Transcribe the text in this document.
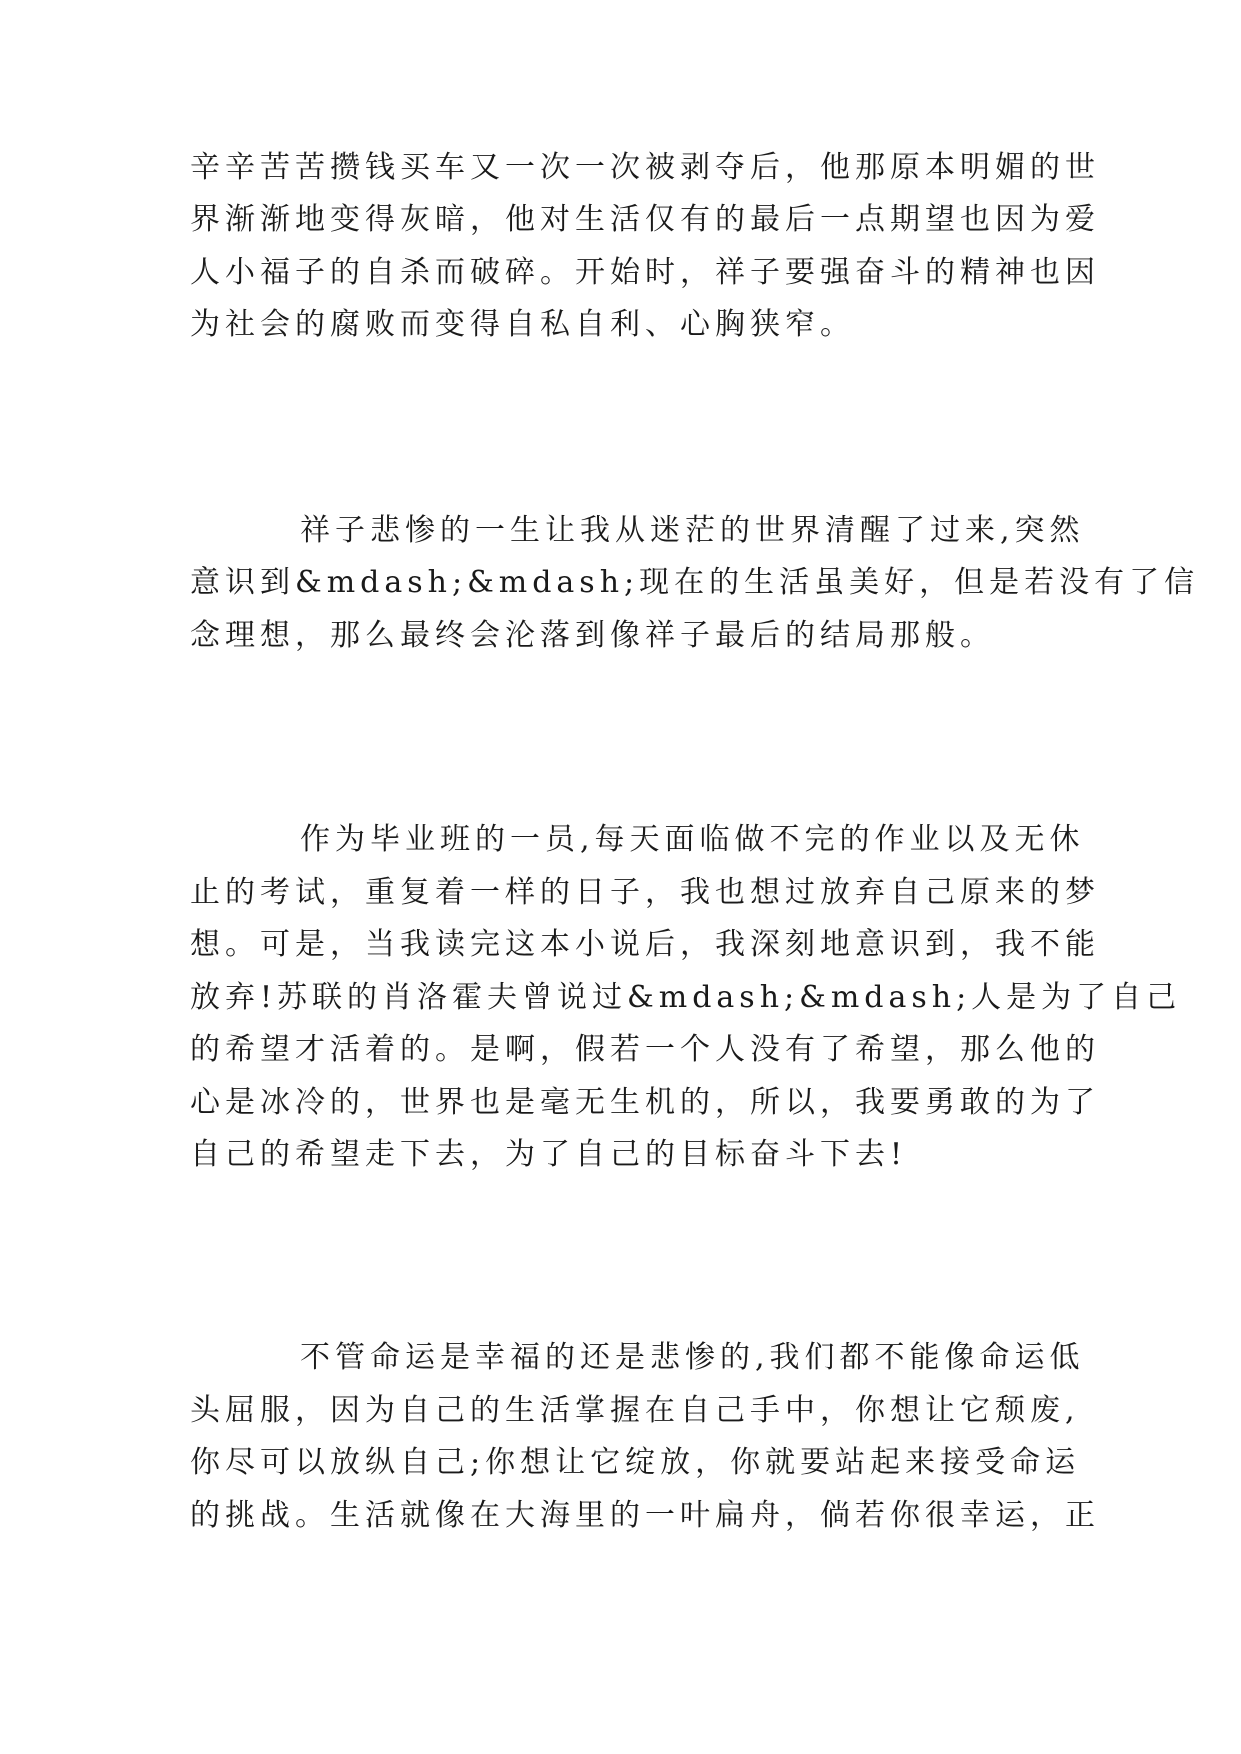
辛辛苦苦攒钱买车又一次一次被剥夺后，他那原本明媚的世
界渐渐地变得灰暗，他对生活仅有的最后一点期望也因为爱
人小福子的自杀而破碎。开始时，祥子要强奋斗的精神也因
为社会的腐败而变得自私自利、心胸狭窄。
祥子悲惨的一生让我从迷茫的世界清醒了过来,突然
意识到&mdash;&mdash;现在的生活虽美好，但是若没有了信
念理想，那么最终会沦落到像祥子最后的结局那般。
作为毕业班的一员,每天面临做不完的作业以及无休
止的考试，重复着一样的日子，我也想过放弃自己原来的梦
想。可是，当我读完这本小说后，我深刻地意识到，我不能
放弃!苏联的肖洛霍夫曾说过&mdash;&mdash;人是为了自己
的希望才活着的。是啊，假若一个人没有了希望，那么他的
心是冰冷的，世界也是毫无生机的，所以，我要勇敢的为了
自己的希望走下去，为了自己的目标奋斗下去!
不管命运是幸福的还是悲惨的,我们都不能像命运低
头屈服，因为自己的生活掌握在自己手中，你想让它颓废,
你尽可以放纵自己;你想让它绽放，你就要站起来接受命运
的挑战。生活就像在大海里的一叶扁舟，倘若你很幸运，正
